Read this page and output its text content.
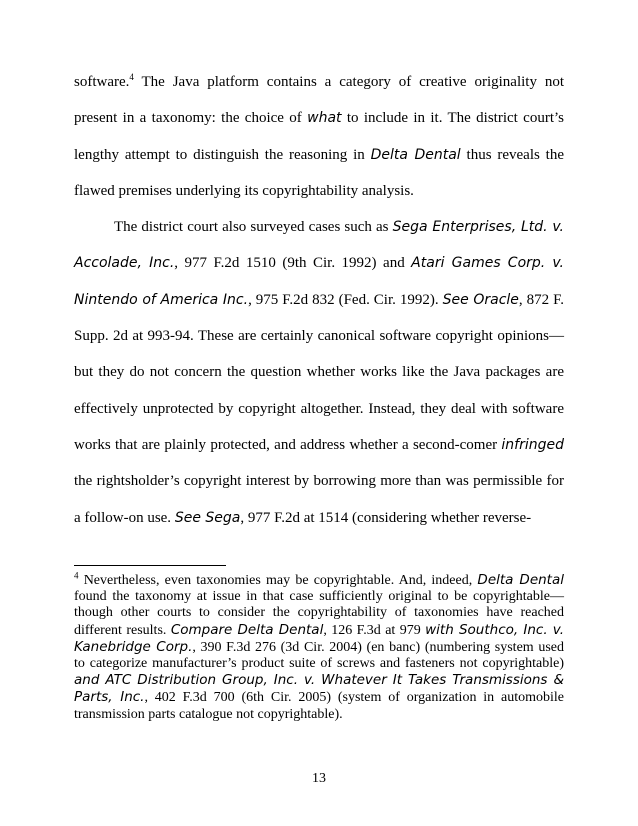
software.$^4$ The Java platform contains a category of creative originality not present in a taxonomy: the choice of what to include in it. The district court’s lengthy attempt to distinguish the reasoning in Delta Dental thus reveals the flawed premises underlying its copyrightability analysis.

The district court also surveyed cases such as Sega Enterprises, Ltd. v. Accolade, Inc., 977 F.2d 1510 (9th Cir. 1992) and Atari Games Corp. v. Nintendo of America Inc., 975 F.2d 832 (Fed. Cir. 1992). See Oracle, 872 F. Supp. 2d at 993-94. These are certainly canonical software copyright opinions—but they do not concern the question whether works like the Java packages are effectively unprotected by copyright altogether. Instead, they deal with software works that are plainly protected, and address whether a second-comer infringed the rightsholder’s copyright interest by borrowing more than was permissible for a follow-on use. See Sega, 977 F.2d at 1514 (considering whether reverse-

$^4$ Nevertheless, even taxonomies may be copyrightable. And, indeed, Delta Dental found the taxonomy at issue in that case sufficiently original to be copyrightable—though other courts to consider the copyrightability of taxonomies have reached different results. Compare Delta Dental, 126 F.3d at 979 with Southco, Inc. v. Kanebridge Corp., 390 F.3d 276 (3d Cir. 2004) (en banc) (numbering system used to categorize manufacturer’s product suite of screws and fasteners not copyrightable) and ATC Distribution Group, Inc. v. Whatever It Takes Transmissions & Parts, Inc., 402 F.3d 700 (6th Cir. 2005) (system of organization in automobile transmission parts catalogue not copyrightable).

13
